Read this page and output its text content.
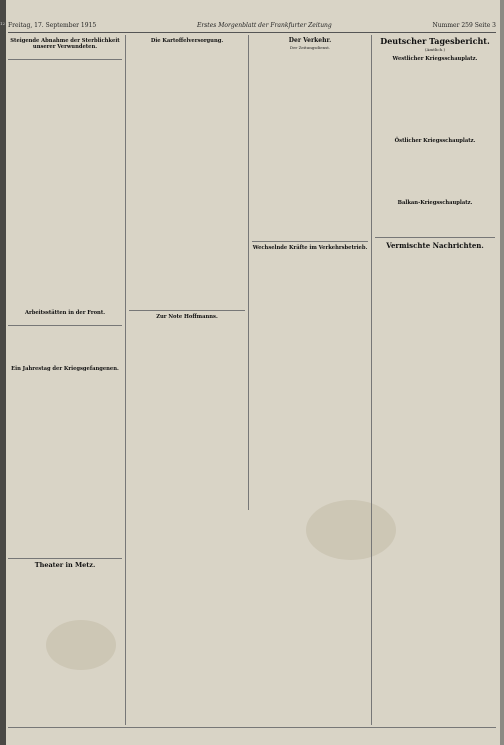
12 Freitag, 17. September 1915	Erstes Morgenblatt der Frankfurter Zeitung	Nummer 259 Seite 3
Steigende Abnahme der Sterblichkeit unserer Verwundeten.

Arbeitsstätten in der Front.

Ein Jahrestag der Kriegsgefangenen.

Theater in Metz.
Die Kartoffelversorgung.

Zur Note Hoffmanns.

Der Verkehr.
Der Zeitungsdienst.

Wechselnde Kräfte im Verkehrsbetrieb.

Deutscher Tagesbericht.
(Amtlich.)
Westlicher Kriegsschauplatz.

Östlicher Kriegsschauplatz.

Balkan-Kriegsschauplatz.

Vermischte Nachrichten.
